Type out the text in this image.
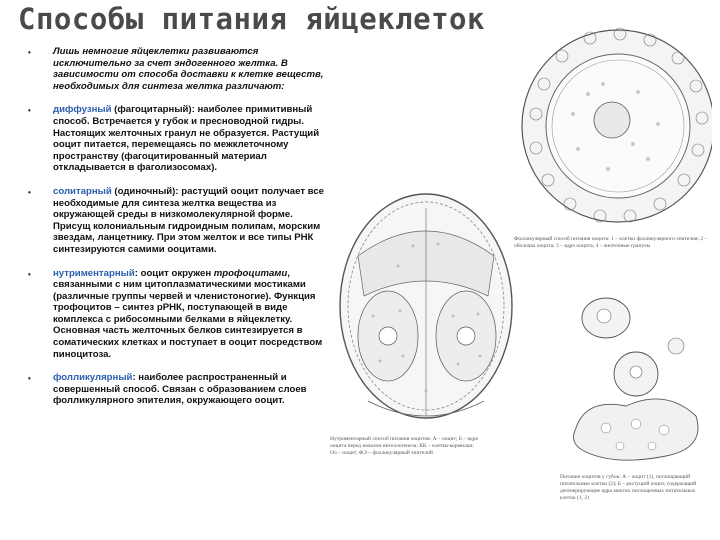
Способы питания яйцеклеток
• Лишь немногие яйцеклетки развиваются исключительно за счет эндогенного желтка. В зависимости от способа доставки к клетке веществ, необходимых для синтеза желтка различают:
• диффузный (фагоцитарный): наиболее примитивный способ. Встречается у губок и пресноводной гидры. Настоящих желточных гранул не образуется. Растущий ооцит питается, перемещаясь по межклеточному пространству (фагоцитированный материал откладывается в фаголизосомах).
• солитарный (одиночный): растущий ооцит получает все необходимые для синтеза желтка вещества из окружающей среды в низкомолекулярной форме. Присущ колониальным гидроидным полипам, морским звездам, ланцетнику. При этом желток и все типы РНК синтезируются самими ооцитами.
• нутриментарный: ооцит окружен трофоцитами, связанными с ним цитоплазматическими мостиками (различные группы червей и членистоногие). Функция трофоцитов – синтез рРНК, поступающей в виде комплекса с рибосомными белками в яйцеклетку. Основная часть желточных белков синтезируется в соматических клетках и поступает в ооцит посредством пиноцитоза.
• фолликулярный: наиболее распространенный и совершенный способ. Связан с образованием слоев фолликулярного эпителия, окружающего ооцит.
Нутриментарный способ питания ооцитов: А – ооцит; Б – ядро ооцита перед началом вителлогенеза; КК – клетки-кормилки; Оо – ооцит; ФЭ – фолликулярный эпителий
Фолликулярный способ питания ооцита: 1 – клетки фолликулярного эпителия; 2 – оболочка ооцита; 3 – ядро ооцита; 4 – желточные гранулы
Питание ооцитов у губок: А – ооцит (1), поглощающий питательные клетки (2); Б – растущий ооцит, содержащий дегенерирующие ядра многих поглощенных питательных клеток (1, 2)
